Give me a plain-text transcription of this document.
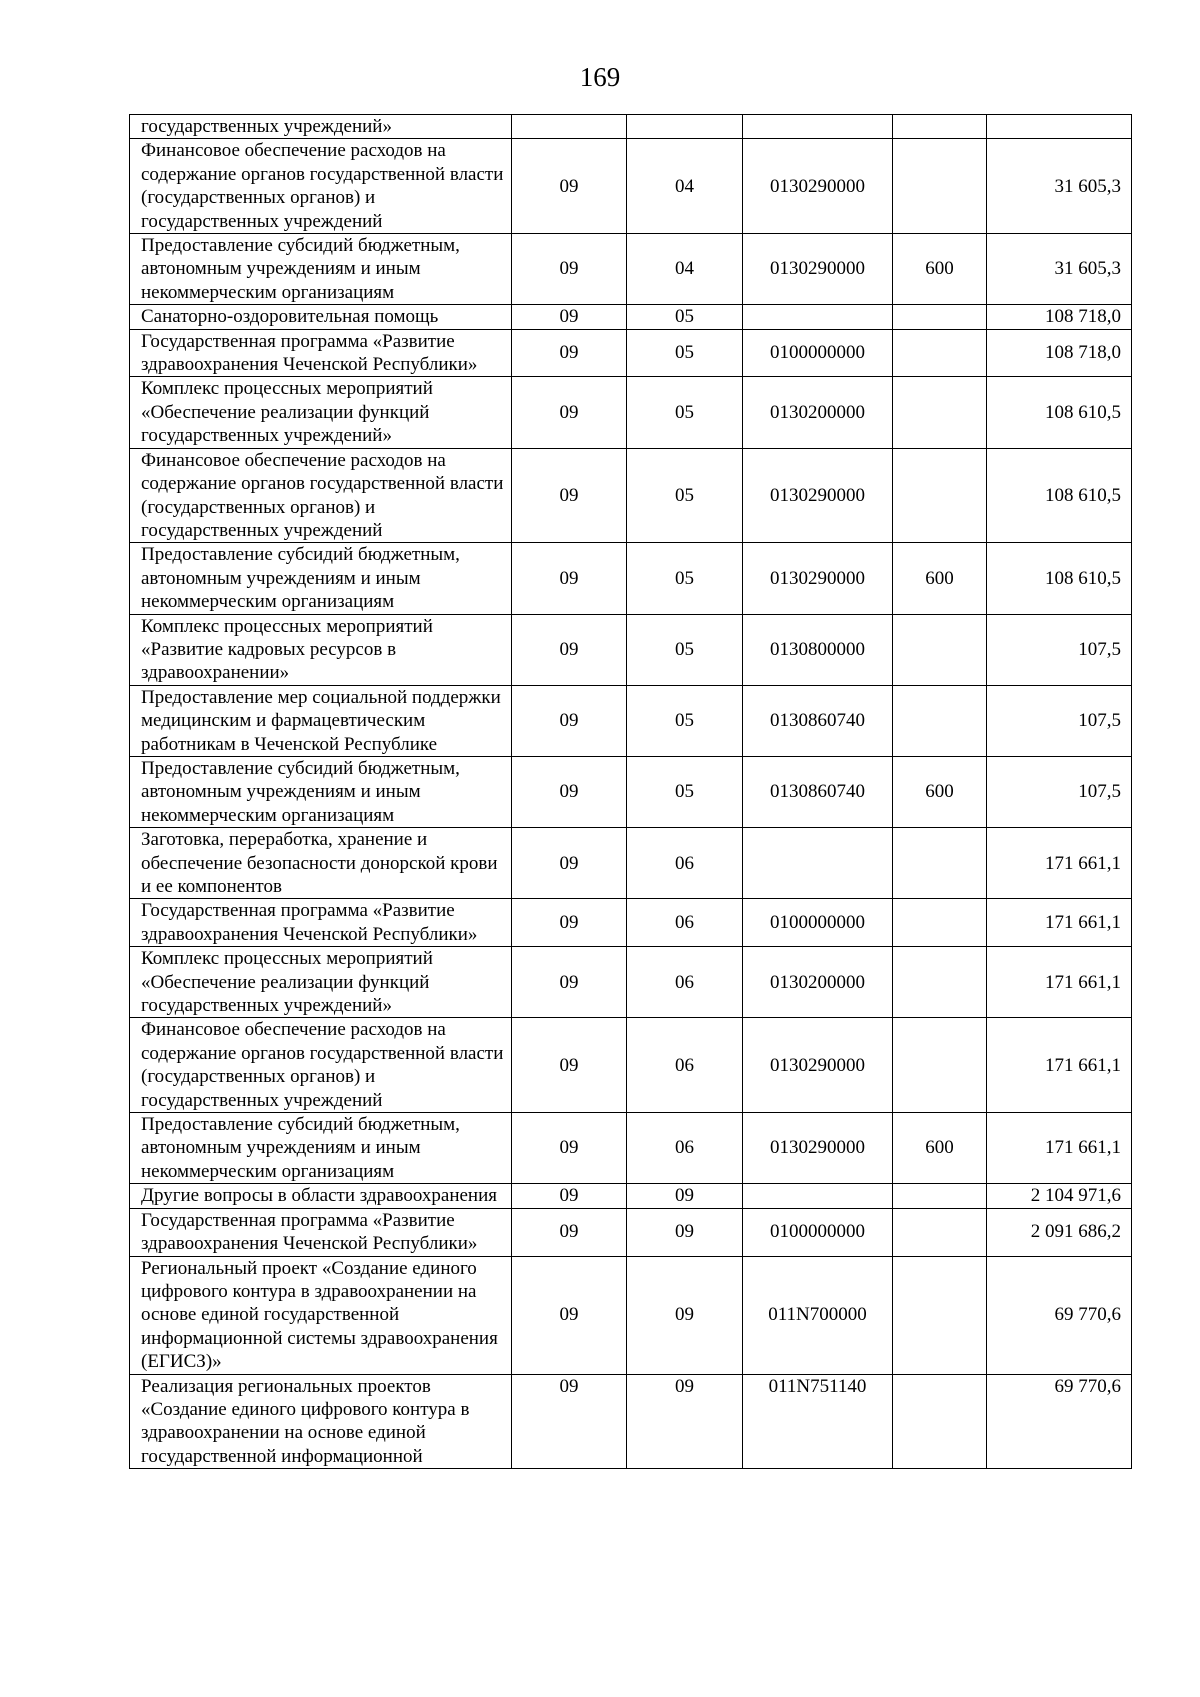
169
государственных учреждений»					
Финансовое обеспечение расходов на содержание органов государственной власти (государственных органов) и государственных учреждений	09	04	0130290000		31 605,3
Предоставление субсидий бюджетным, автономным учреждениям и иным некоммерческим организациям	09	04	0130290000	600	31 605,3
Санаторно-оздоровительная помощь	09	05			108 718,0
Государственная программа «Развитие здравоохранения Чеченской Республики»	09	05	0100000000		108 718,0
Комплекс процессных мероприятий «Обеспечение реализации функций государственных учреждений»	09	05	0130200000		108 610,5
Финансовое обеспечение расходов на содержание органов государственной власти (государственных органов) и государственных учреждений	09	05	0130290000		108 610,5
Предоставление субсидий бюджетным, автономным учреждениям и иным некоммерческим организациям	09	05	0130290000	600	108 610,5
Комплекс процессных мероприятий «Развитие кадровых ресурсов в здравоохранении»	09	05	0130800000		107,5
Предоставление мер социальной поддержки медицинским и фармацевтическим работникам в Чеченской Республике	09	05	0130860740		107,5
Предоставление субсидий бюджетным, автономным учреждениям и иным некоммерческим организациям	09	05	0130860740	600	107,5
Заготовка, переработка, хранение и обеспечение безопасности донорской крови и ее компонентов	09	06			171 661,1
Государственная программа «Развитие здравоохранения Чеченской Республики»	09	06	0100000000		171 661,1
Комплекс процессных мероприятий «Обеспечение реализации функций государственных учреждений»	09	06	0130200000		171 661,1
Финансовое обеспечение расходов на содержание органов государственной власти (государственных органов) и государственных учреждений	09	06	0130290000		171 661,1
Предоставление субсидий бюджетным, автономным учреждениям и иным некоммерческим организациям	09	06	0130290000	600	171 661,1
Другие вопросы в области здравоохранения	09	09			2 104 971,6
Государственная программа «Развитие здравоохранения Чеченской Республики»	09	09	0100000000		2 091 686,2
Региональный проект «Создание единого цифрового контура в здравоохранении на основе единой государственной информационной системы здравоохранения (ЕГИСЗ)»	09	09	011N700000		69 770,6
Реализация региональных проектов «Создание единого цифрового контура в здравоохранении на основе единой государственной информационной	09	09	011N751140		69 770,6
